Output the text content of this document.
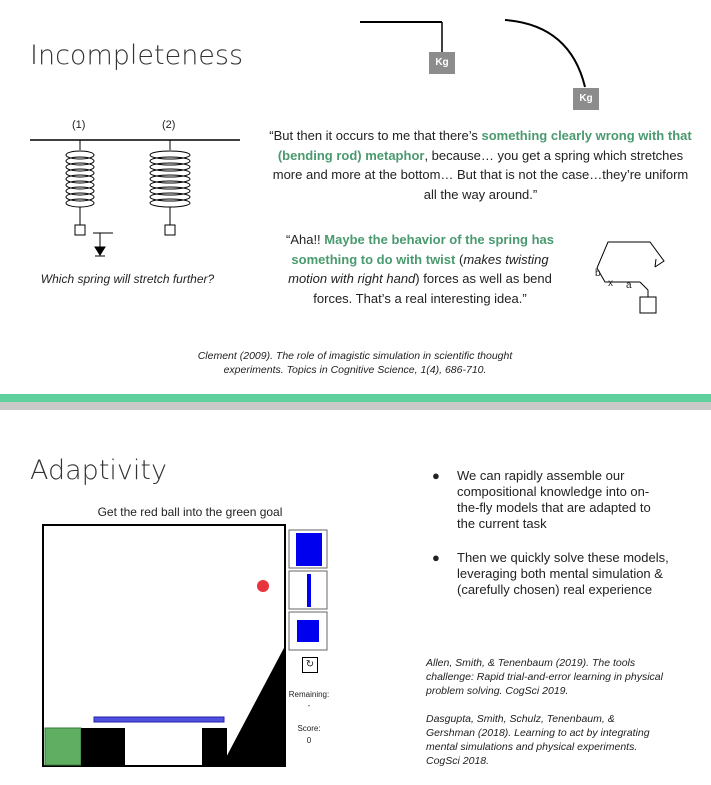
Incompleteness	Kg
Kg
(1)	(2)
Which spring will stretch further?
“But then it occurs to me that there’s something clearly wrong with that (bending rod) metaphor, because… you get a spring which stretches more and more at the bottom… But that is not the case…they’re uniform all the way around.”
“Aha!! Maybe the behavior of the spring has something to do with twist (makes twisting motion with right hand) forces as well as bend forces. That’s a real interesting idea.”
b
x a
Clement (2009). The role of imagistic simulation in scientific thought experiments. Topics in Cognitive Science, 1(4), 686-710.
Adaptivity
Get the red ball into the green goal
↻
Remaining:
-
Score:
0
● We can rapidly assemble our compositional knowledge into on-the-fly models that are adapted to the current task
● Then we quickly solve these models, leveraging both mental simulation & (carefully chosen) real experience
Allen, Smith, & Tenenbaum (2019). The tools challenge: Rapid trial-and-error learning in physical problem solving. CogSci 2019.
Dasgupta, Smith, Schulz, Tenenbaum, & Gershman (2018). Learning to act by integrating mental simulations and physical experiments. CogSci 2018.
